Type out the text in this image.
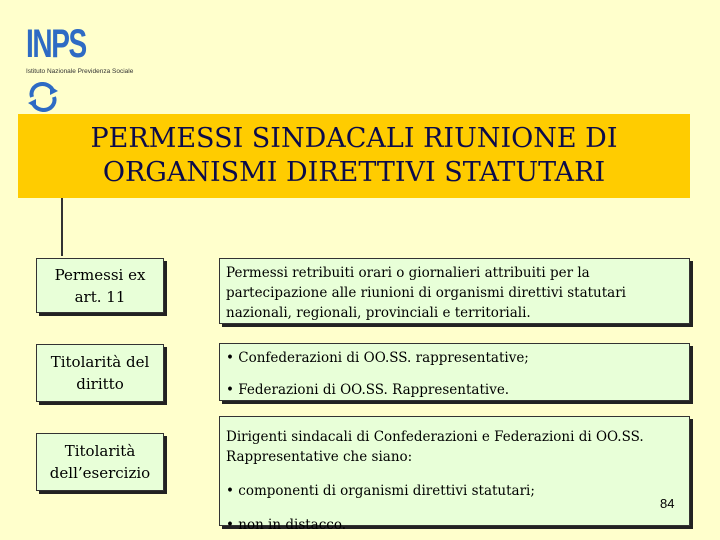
INPS
Istituto Nazionale Previdenza Sociale
PERMESSI SINDACALI RIUNIONE DI
ORGANISMI DIRETTIVI STATUTARI
Permessi ex
art. 11
Titolarità del
diritto
Titolarità
dell’esercizio
Permessi retribuiti orari o giornalieri attribuiti per la
partecipazione alle riunioni di organismi direttivi statutari
nazionali, regionali, provinciali e territoriali.
• Confederazioni di OO.SS. rappresentative;
• Federazioni di OO.SS. Rappresentative.
Dirigenti sindacali di Confederazioni e Federazioni di OO.SS.
Rappresentative che siano:
• componenti di organismi direttivi statutari;
• non in distacco.
84
